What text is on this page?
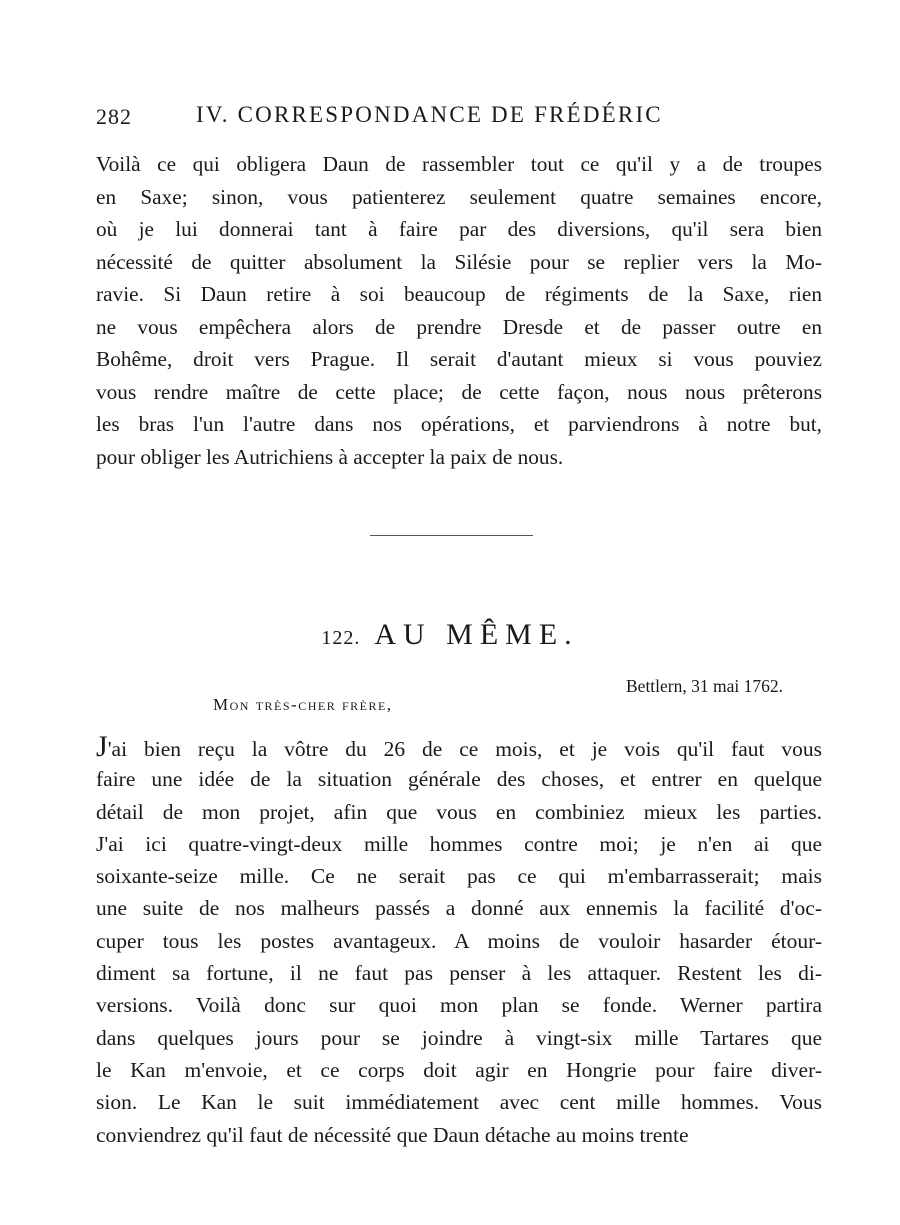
282	IV. CORRESPONDANCE DE FRÉDÉRIC
Voilà ce qui obligera Daun de rassembler tout ce qu'il y a de troupes
en Saxe; sinon, vous patienterez seulement quatre semaines encore,
où je lui donnerai tant à faire par des diversions, qu'il sera bien
nécessité de quitter absolument la Silésie pour se replier vers la Mo-
ravie. Si Daun retire à soi beaucoup de régiments de la Saxe, rien
ne vous empêchera alors de prendre Dresde et de passer outre en
Bohême, droit vers Prague. Il serait d'autant mieux si vous pouviez
vous rendre maître de cette place; de cette façon, nous nous prêterons
les bras l'un l'autre dans nos opérations, et parviendrons à notre but,
pour obliger les Autrichiens à accepter la paix de nous.
122. AU MÊME.
Bettlern, 31 mai 1762.
Mon très-cher frère,
J'ai bien reçu la vôtre du 26 de ce mois, et je vois qu'il faut vous
faire une idée de la situation générale des choses, et entrer en quelque
détail de mon projet, afin que vous en combiniez mieux les parties.
J'ai ici quatre-vingt-deux mille hommes contre moi; je n'en ai que
soixante-seize mille. Ce ne serait pas ce qui m'embarrasserait; mais
une suite de nos malheurs passés a donné aux ennemis la facilité d'oc-
cuper tous les postes avantageux. A moins de vouloir hasarder étour-
diment sa fortune, il ne faut pas penser à les attaquer. Restent les di-
versions. Voilà donc sur quoi mon plan se fonde. Werner partira
dans quelques jours pour se joindre à vingt-six mille Tartares que
le Kan m'envoie, et ce corps doit agir en Hongrie pour faire diver-
sion. Le Kan le suit immédiatement avec cent mille hommes. Vous
conviendrez qu'il faut de nécessité que Daun détache au moins trente
